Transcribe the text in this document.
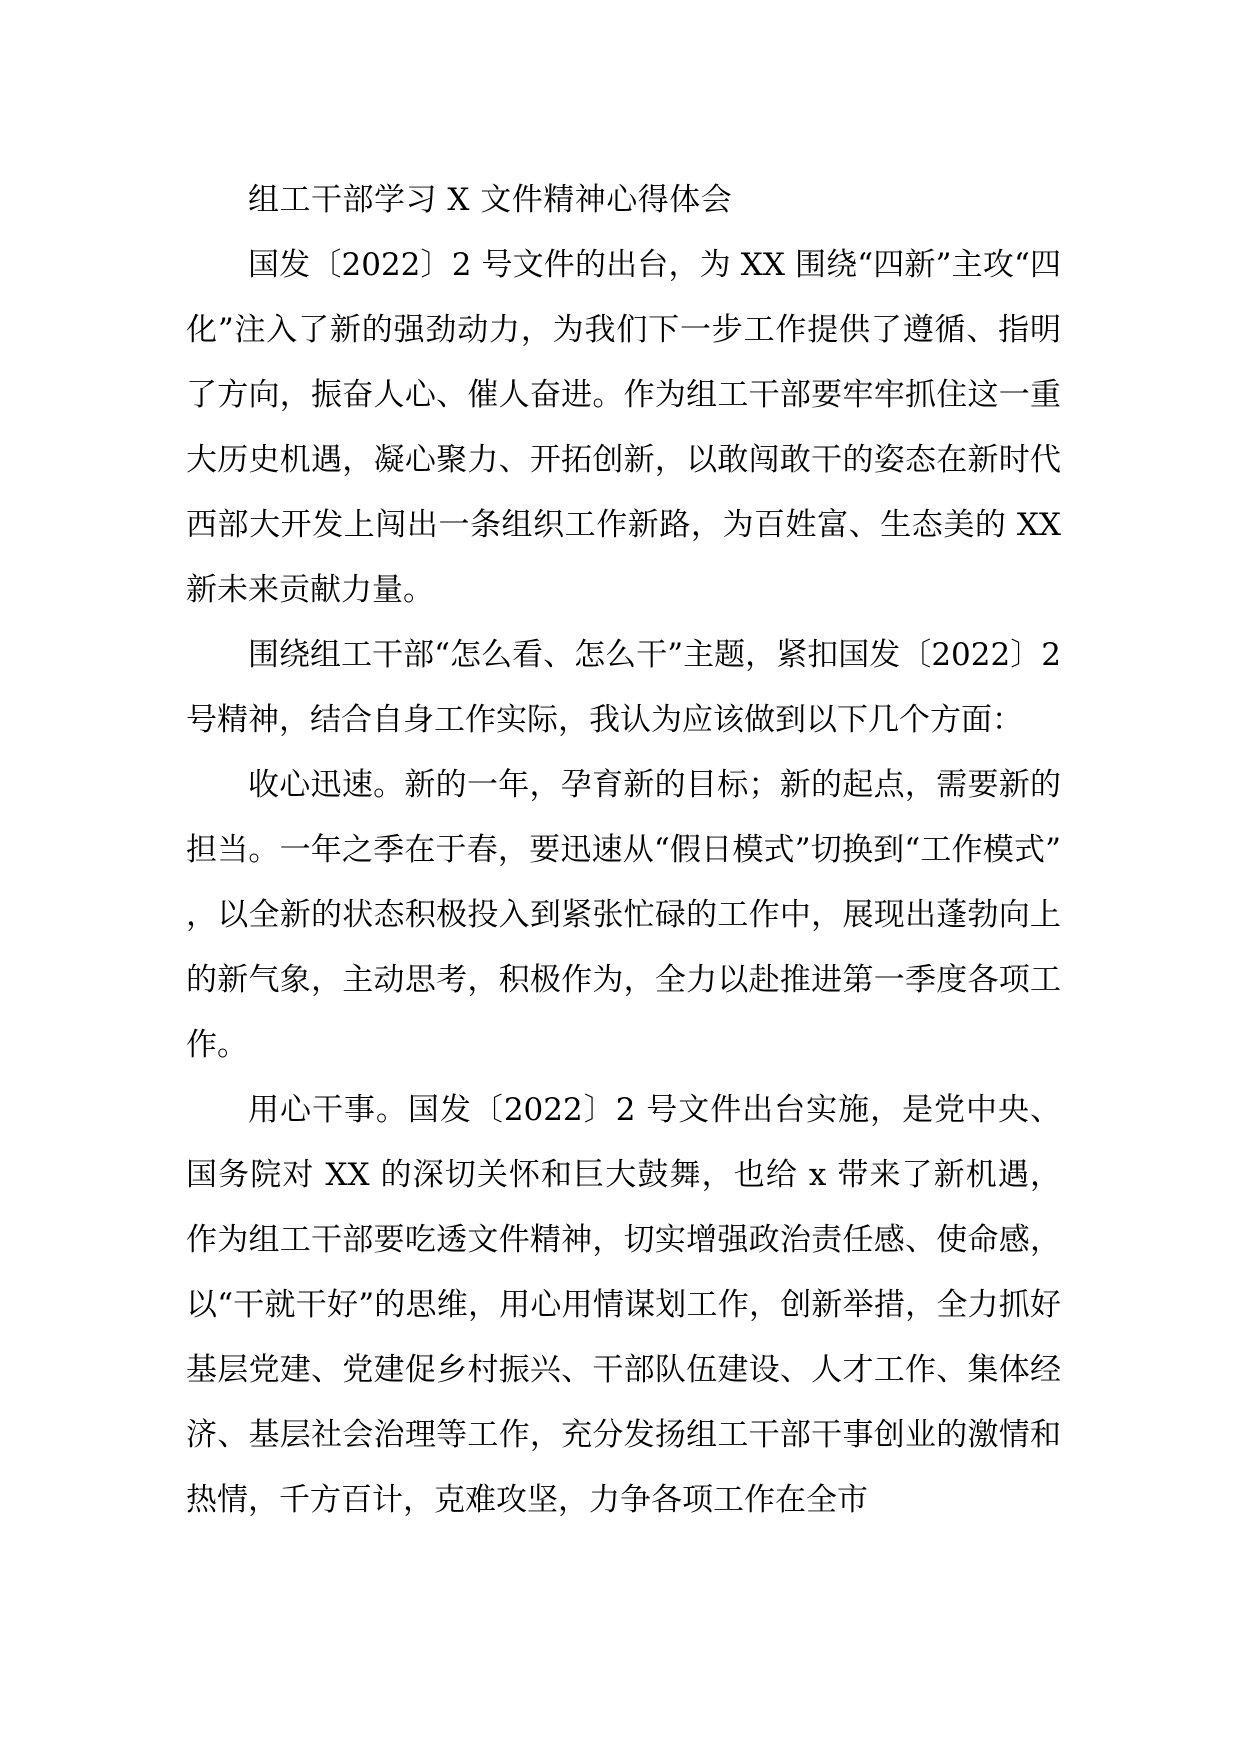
组工干部学习 X 文件精神心得体会

国发〔2022〕2 号文件的出台，为 XX 围绕“四新”主攻“四化”注入了新的强劲动力，为我们下一步工作提供了遵循、指明了方向，振奋人心、催人奋进。作为组工干部要牢牢抓住这一重大历史机遇，凝心聚力、开拓创新，以敢闯敢干的姿态在新时代西部大开发上闯出一条组织工作新路，为百姓富、生态美的 XX 新未来贡献力量。

围绕组工干部“怎么看、怎么干”主题，紧扣国发〔2022〕2 号精神，结合自身工作实际，我认为应该做到以下几个方面：

收心迅速。新的一年，孕育新的目标；新的起点，需要新的担当。一年之季在于春，要迅速从“假日模式”切换到“工作模式”，以全新的状态积极投入到紧张忙碌的工作中，展现出蓬勃向上的新气象，主动思考，积极作为，全力以赴推进第一季度各项工作。

用心干事。国发〔2022〕2 号文件出台实施，是党中央、国务院对 XX 的深切关怀和巨大鼓舞，也给 x 带来了新机遇，作为组工干部要吃透文件精神，切实增强政治责任感、使命感，以“干就干好”的思维，用心用情谋划工作，创新举措，全力抓好基层党建、党建促乡村振兴、干部队伍建设、人才工作、集体经济、基层社会治理等工作，充分发扬组工干部干事创业的激情和热情，千方百计，克难攻坚，力争各项工作在全市
